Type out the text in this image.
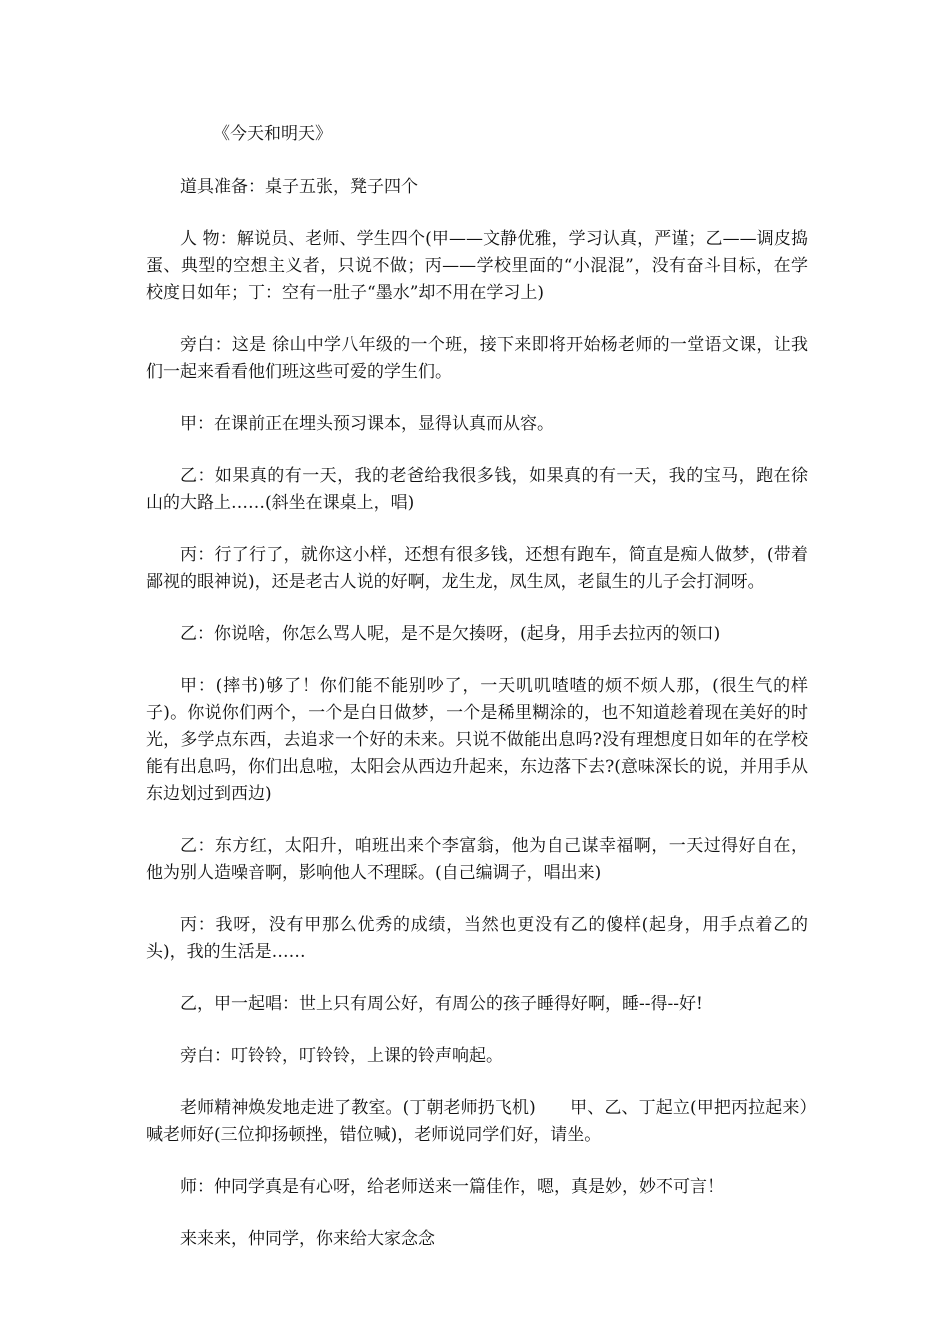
《今天和明天》
道具准备：桌子五张，凳子四个
人 物：解说员、老师、学生四个(甲——文静优雅，学习认真，严谨；乙——调皮捣蛋、典型的空想主义者，只说不做；丙——学校里面的“小混混”，没有奋斗目标，在学校度日如年；丁：空有一肚子“墨水”却不用在学习上)
旁白：这是 徐山中学八年级的一个班，接下来即将开始杨老师的一堂语文课，让我们一起来看看他们班这些可爱的学生们。
甲：在课前正在埋头预习课本，显得认真而从容。
乙：如果真的有一天，我的老爸给我很多钱，如果真的有一天，我的宝马，跑在徐山的大路上……(斜坐在课桌上，唱)
丙：行了行了，就你这小样，还想有很多钱，还想有跑车，简直是痴人做梦，(带着鄙视的眼神说)，还是老古人说的好啊，龙生龙，凤生凤，老鼠生的儿子会打洞呀。
乙：你说啥，你怎么骂人呢，是不是欠揍呀，(起身，用手去拉丙的领口)
甲：(摔书)够了！你们能不能别吵了，一天叽叽喳喳的烦不烦人那，(很生气的样子)。你说你们两个，一个是白日做梦，一个是稀里糊涂的，也不知道趁着现在美好的时光，多学点东西，去追求一个好的未来。只说不做能出息吗?没有理想度日如年的在学校能有出息吗，你们出息啦，太阳会从西边升起来，东边落下去?(意味深长的说，并用手从东边划过到西边)
乙：东方红，太阳升，咱班出来个李富翁，他为自己谋幸福啊，一天过得好自在，他为别人造噪音啊，影响他人不理睬。(自己编调子，唱出来)
丙：我呀，没有甲那么优秀的成绩，当然也更没有乙的傻样(起身，用手点着乙的头)，我的生活是……
乙，甲一起唱：世上只有周公好，有周公的孩子睡得好啊，睡--得--好!
旁白：叮铃铃，叮铃铃，上课的铃声响起。
老师精神焕发地走进了教室。(丁朝老师扔飞机)　　甲、乙、丁起立(甲把丙拉起来）喊老师好(三位抑扬顿挫，错位喊)，老师说同学们好，请坐。
师：仲同学真是有心呀，给老师送来一篇佳作，嗯，真是妙，妙不可言！
来来来，仲同学，你来给大家念念
